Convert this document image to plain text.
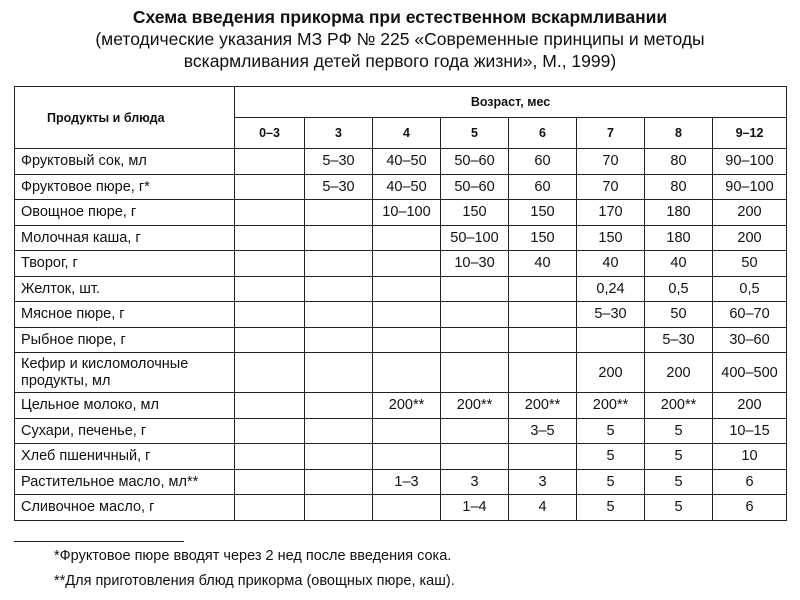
Схема введения прикорма при естественном вскармливании
(методические указания МЗ РФ № 225 «Современные принципы и методы
вскармливания детей первого года жизни», М., 1999)
Продукты и блюда	Возраст, мес							
	0–3	3	4	5	6	7	8	9–12
Фруктовый сок, мл		5–30	40–50	50–60	60	70	80	90–100
Фруктовое пюре, г*		5–30	40–50	50–60	60	70	80	90–100
Овощное пюре, г			10–100	150	150	170	180	200
Молочная каша, г				50–100	150	150	180	200
Творог, г				10–30	40	40	40	50
Желток, шт.						0,24	0,5	0,5
Мясное пюре, г						5–30	50	60–70
Рыбное пюре, г							5–30	30–60
Кефир и кисломолочные продукты, мл						200	200	400–500
Цельное молоко, мл			200**	200**	200**	200**	200**	200
Сухари, печенье, г					3–5	5	5	10–15
Хлеб пшеничный, г						5	5	10
Растительное масло, мл**			1–3	3	3	5	5	6
Сливочное масло, г				1–4	4	5	5	6
*Фруктовое пюре вводят через 2 нед после введения сока.
**Для приготовления блюд прикорма (овощных пюре, каш).
